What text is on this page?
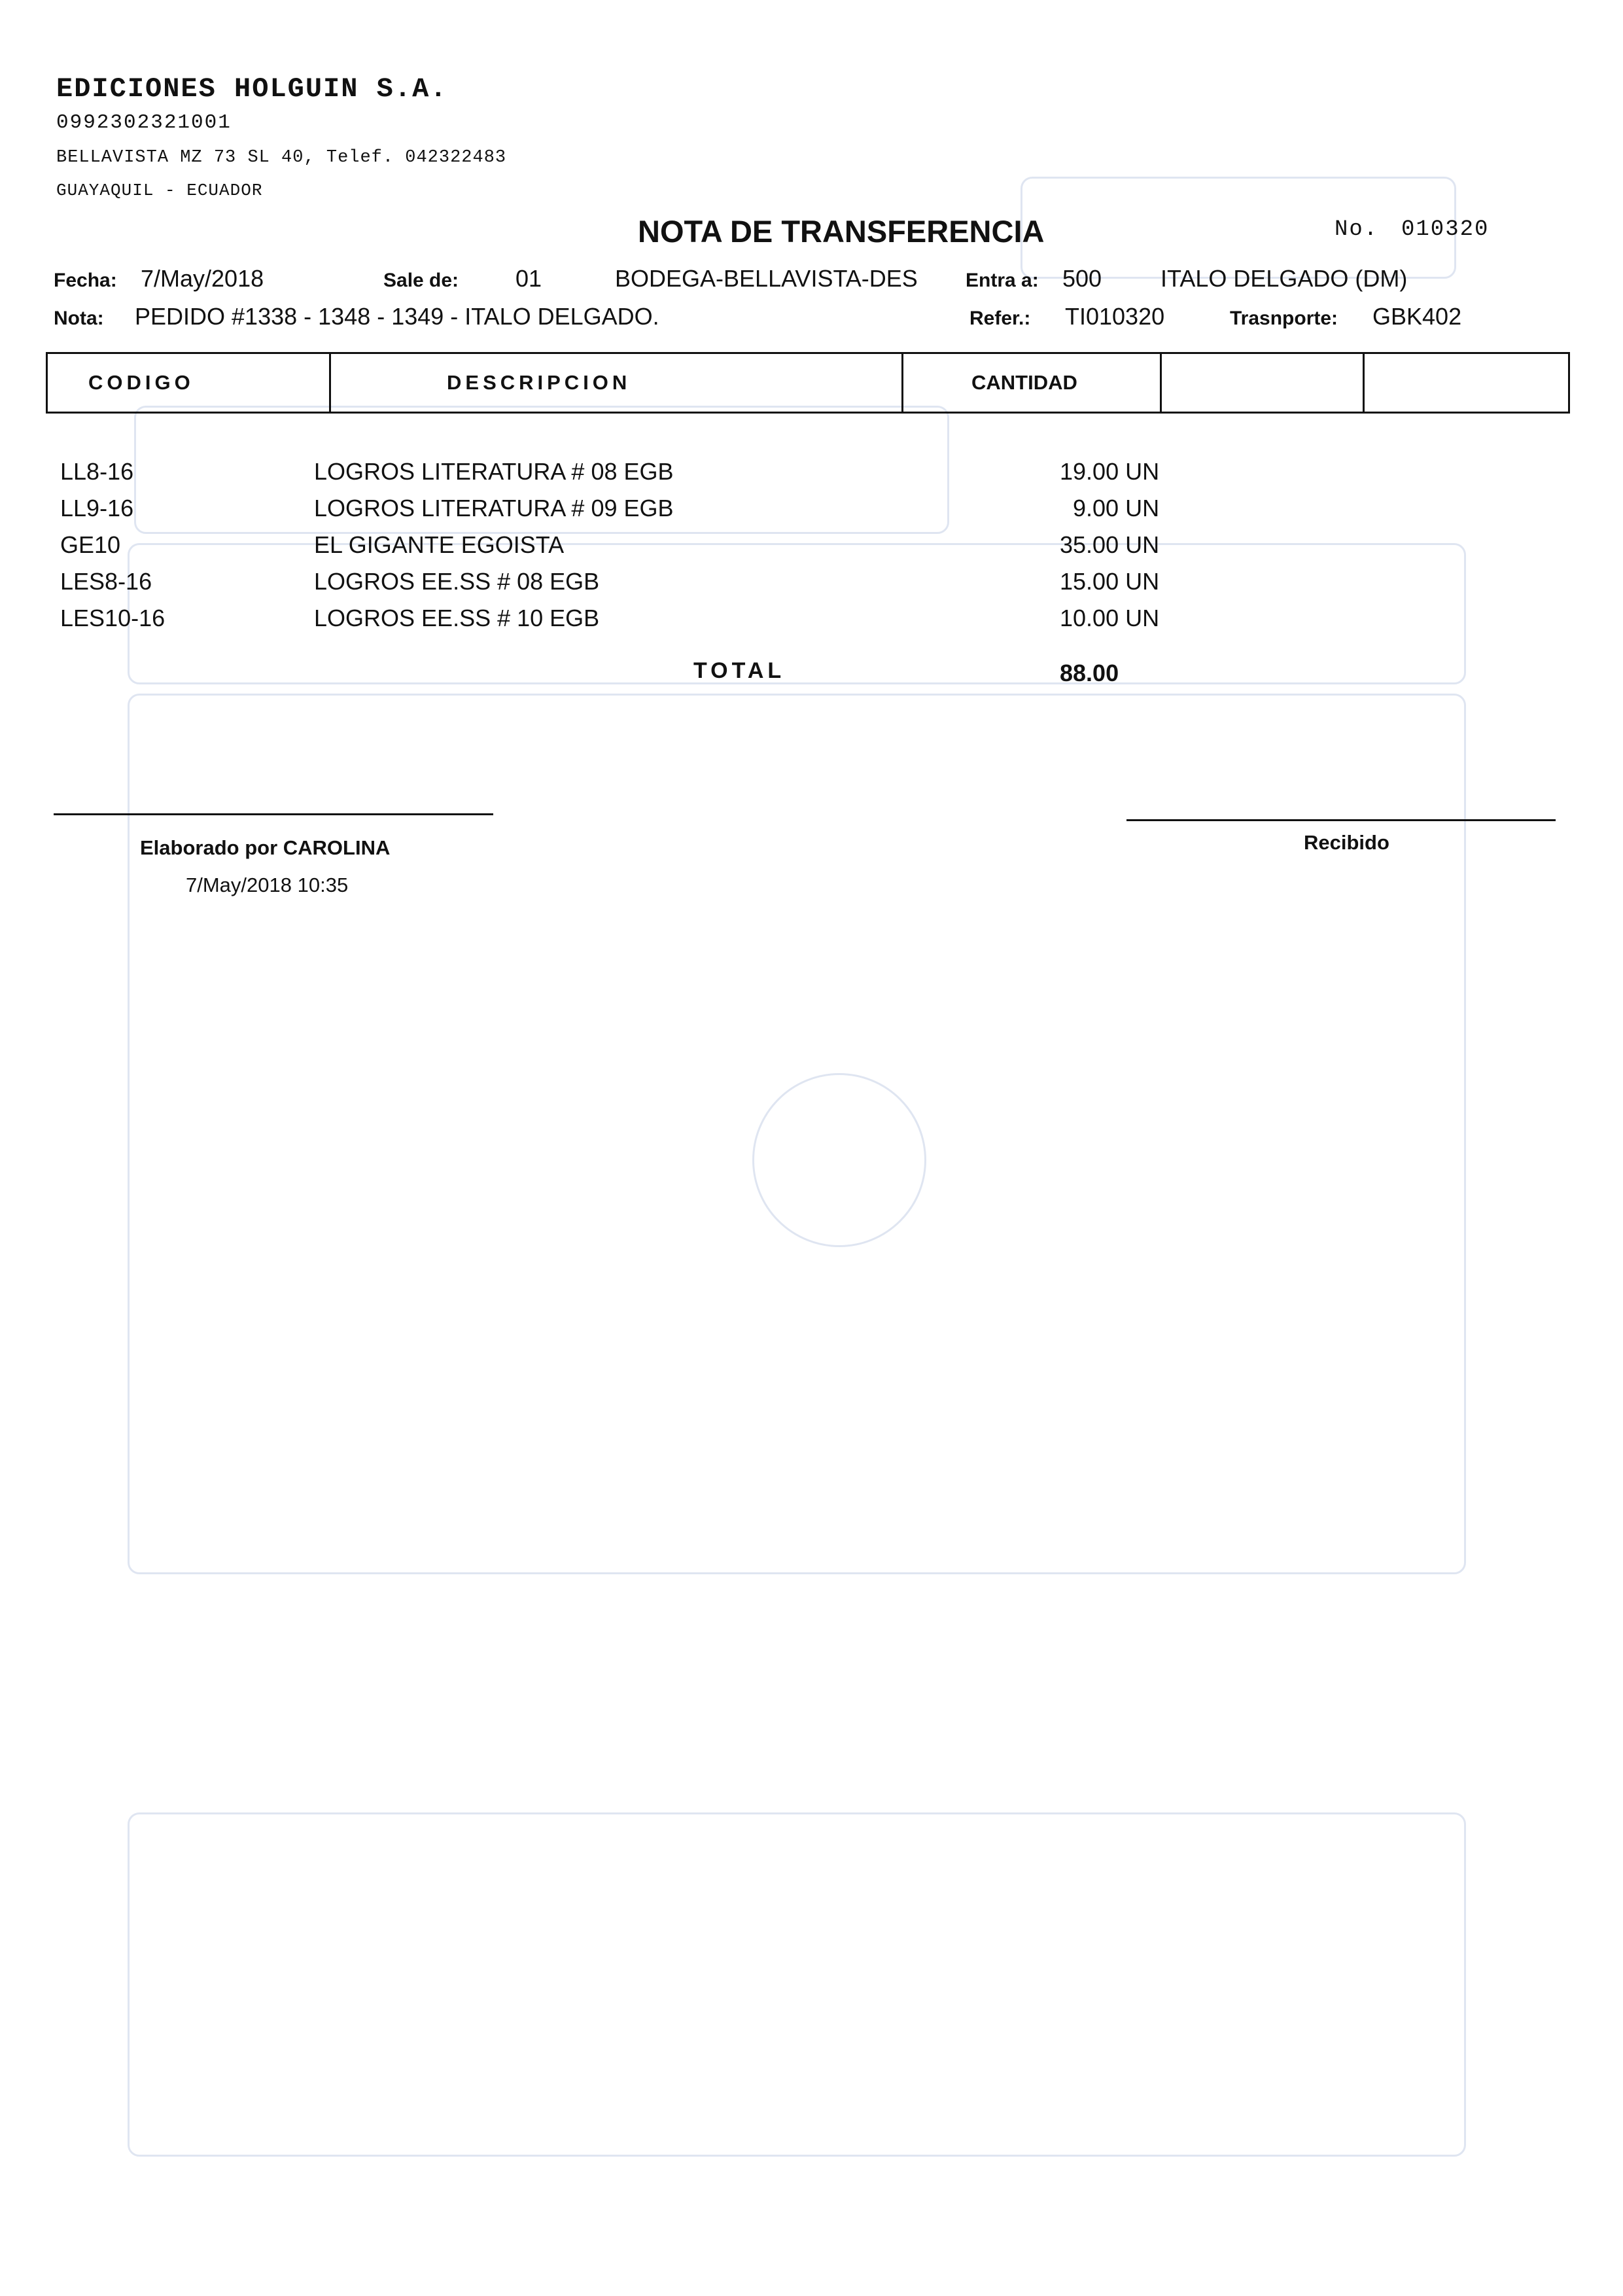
EDICIONES HOLGUIN S.A.
0992302321001
BELLAVISTA MZ 73 SL 40, Telef. 042322483
GUAYAQUIL - ECUADOR
NOTA DE TRANSFERENCIA	No. 010320
Fecha: 7/May/2018	Sale de: 01	BODEGA-BELLAVISTA-DES Entra a: 500 ITALO DELGADO (DM)
Nota: PEDIDO #1338 - 1348 - 1349 - ITALO DELGADO.	Refer.: TI010320	Trasnporte: GBK402
CODIGO	DESCRIPCION	CANTIDAD
LL8-16	LOGROS LITERATURA # 08 EGB	19.00 UN
LL9-16	LOGROS LITERATURA # 09 EGB	9.00 UN
GE10	EL GIGANTE EGOISTA	35.00 UN
LES8-16	LOGROS EE.SS # 08 EGB	15.00 UN
LES10-16	LOGROS EE.SS # 10 EGB	10.00 UN
TOTAL	88.00
Elaborado por CAROLINA
7/May/2018 10:35
Recibido
